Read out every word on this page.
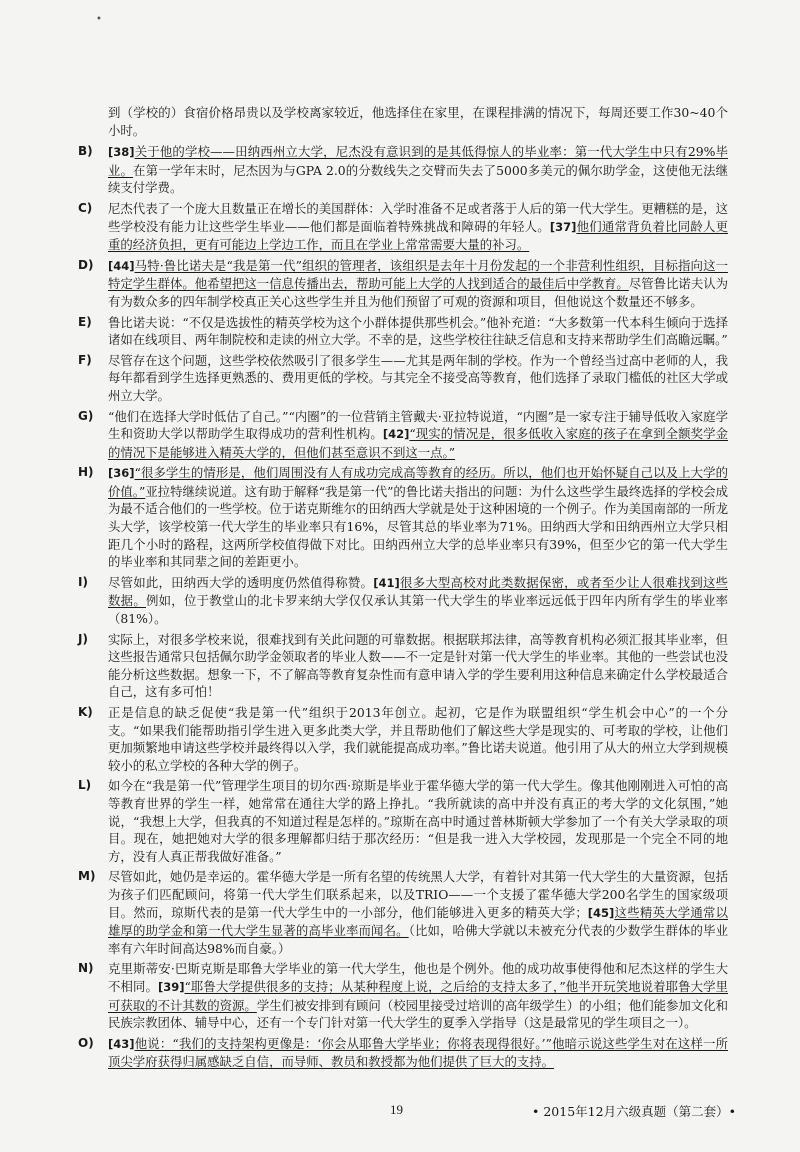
•
到（学校的）食宿价格昂贵以及学校离家较近，他选择住在家里，在课程排满的情况下，每周还要工作30~40个小时。
B)	[38]关于他的学校——田纳西州立大学，尼杰没有意识到的是其低得惊人的毕业率：第一代大学生中只有29%毕业。在第一学年末时，尼杰因为与GPA 2.0的分数线失之交臂而失去了5000多美元的佩尔助学金，这使他无法继续支付学费。
C)	尼杰代表了一个庞大且数量正在增长的美国群体：入学时准备不足或者落于人后的第一代大学生。更糟糕的是，这些学校没有能力让这些学生毕业——他们都是面临着特殊挑战和障碍的年轻人。[37]他们通常背负着比同龄人更重的经济负担，更有可能边上学边工作，而且在学业上常常需要大量的补习。
D)	[44]马特·鲁比诺夫是“我是第一代”组织的管理者，该组织是去年十月份发起的一个非营利性组织，目标指向这一特定学生群体。他希望把这一信息传播出去，帮助可能上大学的人找到适合的最佳后中学教育。尽管鲁比诺夫认为有为数众多的四年制学校真正关心这些学生并且为他们预留了可观的资源和项目，但他说这个数量还不够多。
E)	鲁比诺夫说：“不仅是选拔性的精英学校为这个小群体提供那些机会。”他补充道：“大多数第一代本科生倾向于选择诸如在线项目、两年制院校和走读的州立大学。不幸的是，这些学校往往缺乏信息和支持来帮助学生们高瞻远瞩。”
F)	尽管存在这个问题，这些学校依然吸引了很多学生——尤其是两年制的学校。作为一个曾经当过高中老师的人，我每年都看到学生选择更熟悉的、费用更低的学校。与其完全不接受高等教育，他们选择了录取门槛低的社区大学或州立大学。
G)	“他们在选择大学时低估了自己。”“内圈”的一位营销主管戴夫·亚拉特说道，“内圈”是一家专注于辅导低收入家庭学生和资助大学以帮助学生取得成功的营利性机构。[42]“现实的情况是，很多低收入家庭的孩子在拿到全额奖学金的情况下是能够进入精英大学的，但他们甚至意识不到这一点。”
H)	[36]“很多学生的情形是，他们周围没有人有成功完成高等教育的经历。所以，他们也开始怀疑自己以及上大学的价值。”亚拉特继续说道。这有助于解释“我是第一代”的鲁比诺夫指出的问题：为什么这些学生最终选择的学校会成为最不适合他们的一些学校。位于诺克斯维尔的田纳西大学就是处于这种困境的一个例子。作为美国南部的一所龙头大学，该学校第一代大学生的毕业率只有16%，尽管其总的毕业率为71%。田纳西大学和田纳西州立大学只相距几个小时的路程，这两所学校值得做下对比。田纳西州立大学的总毕业率只有39%，但至少它的第一代大学生的毕业率和其同辈之间的差距更小。
I)	尽管如此，田纳西大学的透明度仍然值得称赞。[41]很多大型高校对此类数据保密，或者至少让人很难找到这些数据。例如，位于教堂山的北卡罗来纳大学仅仅承认其第一代大学生的毕业率远远低于四年内所有学生的毕业率（81%）。
J)	实际上，对很多学校来说，很难找到有关此问题的可靠数据。根据联邦法律，高等教育机构必须汇报其毕业率，但这些报告通常只包括佩尔助学金领取者的毕业人数——不一定是针对第一代大学生的毕业率。其他的一些尝试也没能分析这些数据。想象一下，不了解高等教育复杂性而有意申请入学的学生要利用这种信息来确定什么学校最适合自己，这有多可怕！
K)	正是信息的缺乏促使“我是第一代”组织于2013年创立。起初，它是作为联盟组织“学生机会中心”的一个分支。“如果我们能帮助指引学生进入更多此类大学，并且帮助他们了解这些大学是现实的、可考取的学校，让他们更加频繁地申请这些学校并最终得以入学，我们就能提高成功率。”鲁比诺夫说道。他引用了从大的州立大学到规模较小的私立学校的各种大学的例子。
L)	如今在“我是第一代”管理学生项目的切尔西·琼斯是毕业于霍华德大学的第一代大学生。像其他刚刚进入可怕的高等教育世界的学生一样，她常常在通往大学的路上挣扎。“我所就读的高中并没有真正的考大学的文化氛围，”她说，“我想上大学，但我真的不知道过程是怎样的。”琼斯在高中时通过普林斯顿大学参加了一个有关大学录取的项目。现在，她把她对大学的很多理解都归结于那次经历：“但是我一进入大学校园，发现那是一个完全不同的地方，没有人真正帮我做好准备。”
M)	尽管如此，她仍是幸运的。霍华德大学是一所有名望的传统黑人大学，有着针对其第一代大学生的大量资源，包括为孩子们匹配顾问，将第一代大学生们联系起来，以及TRIO——一个支援了霍华德大学200名学生的国家级项目。然而，琼斯代表的是第一代大学生中的一小部分，他们能够进入更多的精英大学；[45]这些精英大学通常以雄厚的助学金和第一代大学生显著的高毕业率而闻名。（比如，哈佛大学就以未被充分代表的少数学生群体的毕业率有六年时间高达98%而自豪。）
N)	克里斯蒂安·巴斯克斯是耶鲁大学毕业的第一代大学生，他也是个例外。他的成功故事使得他和尼杰这样的学生大不相同。[39]“耶鲁大学提供很多的支持；从某种程度上说，之后给的支持太多了，”他半开玩笑地说着耶鲁大学里可获取的不计其数的资源。学生们被安排到有顾问（校园里接受过培训的高年级学生）的小组；他们能参加文化和民族宗教团体、辅导中心，还有一个专门针对第一代大学生的夏季入学指导（这是最常见的学生项目之一）。
O)	[43]他说：“我们的支持架构更像是：‘你会从耶鲁大学毕业；你将表现得很好。’”他暗示说这些学生对在这样一所顶尖学府获得归属感缺乏自信，而导师、教员和教授都为他们提供了巨大的支持。
19	• 2015年12月六级真题（第二套）•
